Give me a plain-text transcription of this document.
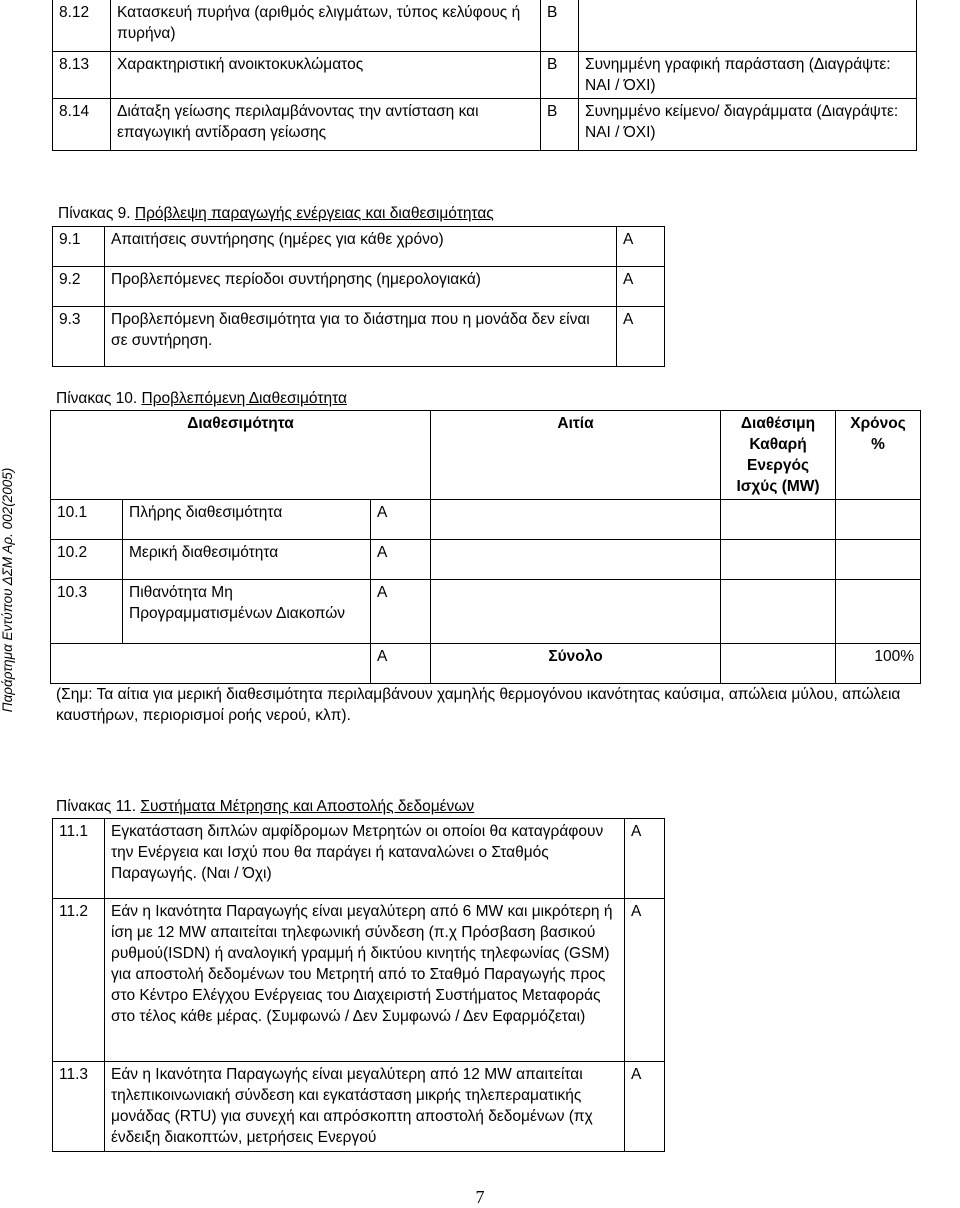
Παράρτημα Εντύπου ΔΣΜ Αρ. 002(2005)
8.12	Κατασκευή πυρήνα (αριθμός ελιγμάτων, τύπος κελύφους ή πυρήνα)	Β	
8.13	Χαρακτηριστική ανοικτοκυκλώματος	Β	Συνημμένη γραφική παράσταση (Διαγράψτε: ΝΑΙ / ΌΧΙ)
8.14	Διάταξη γείωσης περιλαμβάνοντας την αντίσταση και επαγωγική αντίδραση γείωσης	Β	Συνημμένο κείμενο/ διαγράμματα (Διαγράψτε: ΝΑΙ / ΌΧΙ)
Πίνακας 9. Πρόβλεψη παραγωγής ενέργειας και διαθεσιμότητας
9.1	Απαιτήσεις συντήρησης (ημέρες για κάθε χρόνο)	Α
9.2	Προβλεπόμενες περίοδοι συντήρησης (ημερολογιακά)	Α
9.3	Προβλεπόμενη διαθεσιμότητα για το διάστημα που η μονάδα δεν είναι σε συντήρηση.	Α
Πίνακας 10. Προβλεπόμενη Διαθεσιμότητα
Διαθεσιμότητα			Αιτία	Διαθέσιμη Καθαρή Ενεργός Ισχύς (MW)	Χρόνος %
10.1	Πλήρης διαθεσιμότητα	Α			
10.2	Μερική διαθεσιμότητα	Α			
10.3	Πιθανότητα Μη Προγραμματισμένων Διακοπών	Α			
		Α	Σύνολο		100%
(Σημ: Τα αίτια για μερική διαθεσιμότητα περιλαμβάνουν χαμηλής θερμογόνου ικανότητας καύσιμα, απώλεια μύλου, απώλεια καυστήρων, περιορισμοί ροής νερού, κλπ).
Πίνακας 11. Συστήματα Μέτρησης και Αποστολής δεδομένων
11.1	Εγκατάσταση διπλών αμφίδρομων Μετρητών οι οποίοι θα καταγράφουν την Ενέργεια και Ισχύ που θα παράγει ή καταναλώνει ο Σταθμός Παραγωγής. (Ναι / Όχι)	Α
11.2	Εάν η Ικανότητα Παραγωγής είναι μεγαλύτερη από 6 MW και μικρότερη ή ίση με 12 MW απαιτείται τηλεφωνική σύνδεση (π.χ Πρόσβαση βασικού ρυθμού(ISDN) ή αναλογική γραμμή ή δικτύου κινητής τηλεφωνίας (GSM) για αποστολή δεδομένων του Μετρητή από το Σταθμό Παραγωγής προς στο Κέντρο Ελέγχου Ενέργειας του Διαχειριστή Συστήματος Μεταφοράς στο τέλος κάθε μέρας. (Συμφωνώ / Δεν Συμφωνώ / Δεν Εφαρμόζεται)	Α
11.3	Εάν η Ικανότητα Παραγωγής είναι μεγαλύτερη από 12 MW απαιτείται τηλεπικοινωνιακή σύνδεση και εγκατάσταση μικρής τηλεπεραματικής μονάδας (RTU) για συνεχή και απρόσκοπτη αποστολή δεδομένων (πχ ένδειξη διακοπτών, μετρήσεις Ενεργού	Α
7
